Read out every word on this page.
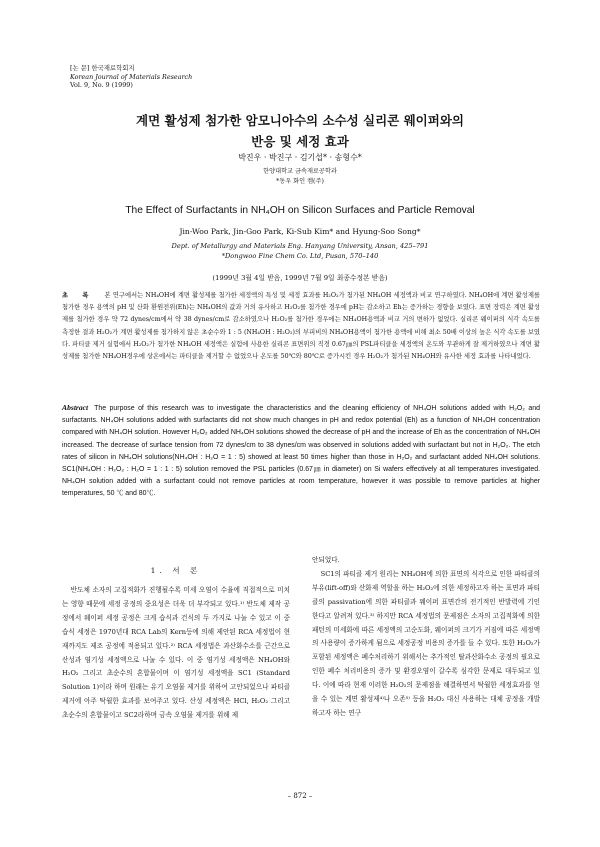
[논 문] 한국재료학회지
Korean Journal of Materials Research
Vol. 9, No. 9 (1999)
계면 활성제 첨가한 암모니아수의 소수성 실리콘 웨이퍼와의
반응 및 세정 효과
박진우 · 박진구 · 김기섭* · 송형수*
한양대학교 금속재료공학과
*동우 화인 켐(주)
The Effect of Surfactants in NH₄OH on Silicon Surfaces and Particle Removal
Jin-Woo Park, Jin-Goo Park, Ki-Sub Kim* and Hyung-Soo Song*
Dept. of Metallurgy and Materials Eng. Hanyang University, Ansan, 425–791
*Dongwoo Fine Chem Co. Ltd, Pusan, 570–140
(1999년 3월 4일 받음, 1999년 7월 9일 최종수정본 받음)
초 록 본 연구에서는 NH₄OH에 계면 활성제를 첨가한 세정액의 특성 및 세정 효과를 H₂O₂가 첨가된 NH₄OH 세정액과 비교 연구하였다. NH₄OH에 계면 활성제를 첨가한 경우 용액의 pH 및 산화 환원전위(Eh)는 NH₄OH의 값과 거의 유사하고 H₂O₂를 첨가한 경우에 pH는 감소하고 Eh는 증가하는 경향을 보였다. 표면 장력은 계면 활성제를 첨가한 경우 약 72 dynes/cm에서 약 38 dynes/cm로 감소하였으나 H₂O₂를 첨가한 경우에는 NH₄OH용액과 비교 거의 변하가 없었다. 실리콘 웨이퍼의 식각 속도를 측정한 결과 H₂O₂가 계면 활성제를 첨가하지 않은 초순수와 1 : 5 (NH₄OH : H₂O₂)의 부피비의 NH₄OH용액이 첨가한 용액에 비해 최소 50배 이상의 높은 식각 속도를 보였다. 파티클 제거 실험에서 H₂O₂가 첨가한 NH₄OH 세정액은 실험에 사용한 실리콘 표면위의 직경 0.67㎛의 PSL파티클을 세정액의 온도와 무관하게 잘 제거하였으나 계면 활성제를 첨가한 NH₄OH경우에 상온에서는 파티클을 제거할 수 없었으나 온도를 50℃와 80℃로 증가시킨 경우 H₂O₂가 첨가된 NH₄OH와 유사한 세정 효과를 나타내었다.
Abstract The purpose of this research was to investigate the characteristics and the cleaning efficiency of NH₄OH solutions added with H₂O₂ and surfactants. NH₄OH solutions added with surfactants did not show much changes in pH and redox potential (Eh) as a function of NH₄OH concentration compared with NH₄OH solution. However H₂O₂ added NH₄OH solutions showed the decrease of pH and the increase of Eh as the concentration of NH₄OH increased. The decrease of surface tension from 72 dynes/cm to 38 dynes/cm was observed in solutions added with surfactant but not in H₂O₂. The etch rates of silicon in NH₄OH solutions(NH₄OH : H₂O = 1 : 5) showed at least 50 times higher than those in H₂O₂ and surfactant added NH₄OH solutions. SC1(NH₄OH : H₂O₂ : H₂O = 1 : 1 : 5) solution removed the PSL particles (0.67㎛ in diameter) on Si wafers effectively at all temperatures investigated. NH₄OH solution added with a surfactant could not remove particles at room temperature, however it was possible to remove particles at higher temperatures, 50 ℃ and 80℃.
1. 서 론
반도체 소자의 고집적화가 진행될수록 미세 오염이 수율에 직접적으로 미치는 영향 때문에 세정 공정의 중요성은 더욱 더 부각되고 있다.¹⁾ 반도체 제작 공정에서 웨이퍼 세정 공정은 크게 습식과 건식의 두 가지로 나눌 수 있고 이 중 습식 세정은 1970년대 RCA Lab의 Kern등에 의해 제안된 RCA 세정법이 현재까지도 제조 공정에 적용되고 있다.²⁾ RCA 세정법은 과산화수소를 근간으로 산성과 염기성 세정액으로 나눌 수 있다. 이 중 염기성 세정액은 NH₄OH와 H₂O₂ 그리고 초순수의 혼합물이며 이 염기성 세정액을 SC1 (Standard Solution 1)이라 하며 원래는 유기 오염물 제거를 위하여 고안되었으나 파티클 제거에 아주 탁월한 효과를 보여주고 있다. 산성 세정액은 HCl, H₂O₂ 그리고 초순수의 혼합물이고 SC2라하며 금속 오염물 제거를 위해 제
안되었다.
SC1의 파티클 제거 원리는 NH₄OH에 의한 표면의 식각으로 인한 파티클의 부유(lift-off)와 산화제 역할을 하는 H₂O₂에 의한 세정하고자 하는 표면과 파티클의 passivation에 의한 파티클과 웨이퍼 표면간의 전기적인 반발력에 기인한다고 알려져 있다.³⁾ 하지만 RCA 세정법의 문제점은 소자의 고집적화에 의한 패턴의 미세화에 따른 세정액의 고순도화, 웨이퍼의 크기가 커짐에 따른 세정액의 사용량이 증가하게 됨으로 세정공정 비용의 증가를 들 수 있다. 또한 H₂O₂가 포함된 세정액은 폐수처리하기 위해서는 추가적인 탈과산화수소 공정의 필요로 인한 폐수 처리비용의 증가 및 환경오염이 갈수록 심각한 문제로 대두되고 있다. 이에 따라 현재 이러한 H₂O₂의 문제점을 해결하면서 탁월한 세정효과를 얻을 수 있는 계면 활성제⁴⁾나 오존⁵⁾ 등을 H₂O₂ 대신 사용하는 대체 공정을 개발하고자 하는 연구
– 872 –
